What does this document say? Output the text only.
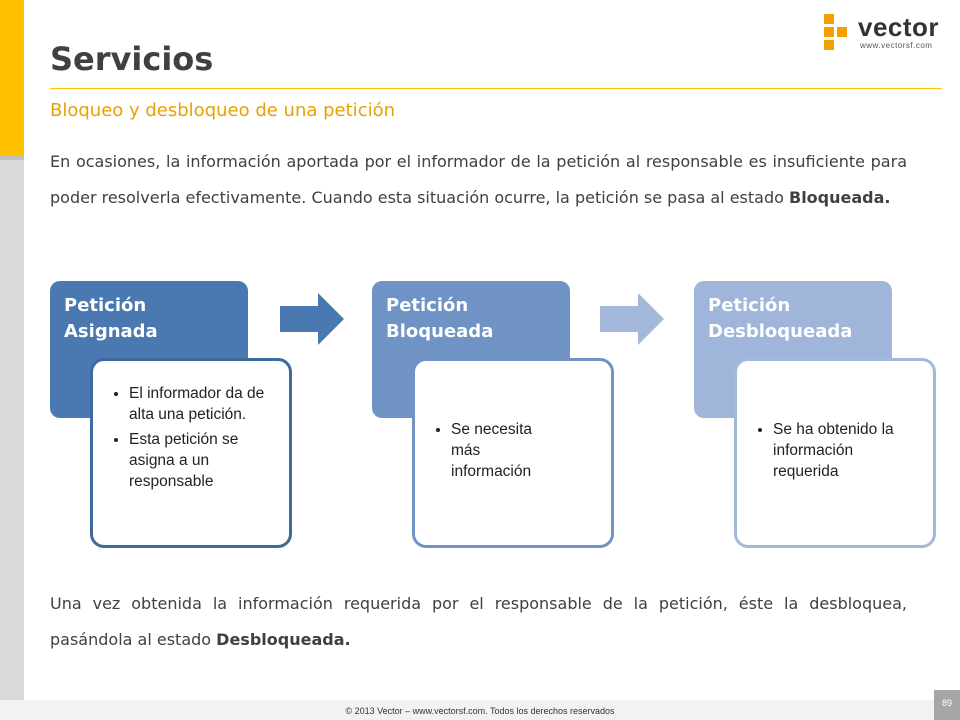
Servicios
vector
www.vectorsf.com
Bloqueo y desbloqueo de una petición

En ocasiones, la información aportada por el informador de la petición al responsable es insuficiente para poder resolverla efectivamente. Cuando esta situación ocurre, la petición se pasa al estado Bloqueada.

Petición Asignada
• El informador da de alta una petición.
• Esta petición se asigna a un responsable
Petición Bloqueada
• Se necesita más información
Petición Desbloqueada
• Se ha obtenido la información requerida

Una vez obtenida la información requerida por el responsable de la petición, éste la desbloquea, pasándola al estado Desbloqueada.

© 2013 Vector – www.vectorsf.com. Todos los derechos reservados
89
